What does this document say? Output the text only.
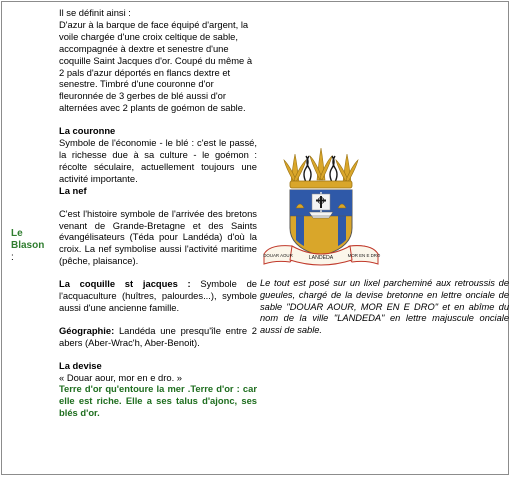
Le Blason
:

Il se définit ainsi :

D'azur à la barque de face équipé d'argent, la voile chargée d'une croix celtique de sable, accompagnée à dextre et senestre d'une coquille Saint Jacques d'or. Coupé du même à 2 pals d'azur déportés en flancs dextre et senestre. Timbré d'une couronne d'or fleuronnée de 3 gerbes de blé aussi d'or alternées avec 2 plants de goémon de sable.

La couronne

Symbole de l'économie - le blé : c'est le passé, la richesse due à sa culture - le goémon : récolte séculaire, actuellement toujours une activité importante.

La nef

C'est l'histoire symbole de l'arrivée des bretons venant de Grande-Bretagne et des Saints évangélisateurs (Téda pour Landéda) d'où la croix. La nef symbolise aussi l'activité maritime (pêche, plaisance).

La coquille st jacques : Symbole de l'acquaculture (huîtres, palourdes...), symbole aussi d'une ancienne famille.

Géographie: Landéda une presqu'île entre 2 abers (Aber-Wrac'h, Aber-Benoit).

La devise

« Douar aour, mor en e dro. »

Terre d'or qu'entoure la mer .Terre d'or : car elle est riche. Elle a ses talus d'ajonc, ses blés d'or.

DOUAR AOUR	LANDEDA	MOR EN E DRO
Le tout est posé sur un lixel parcheminé aux retroussis de gueules, chargé de la devise bretonne en lettre onciale de sable "DOUAR AOUR, MOR EN E DRO" et en abîme du nom de la ville "LANDEDA" en lettre majuscule onciale aussi de sable.
